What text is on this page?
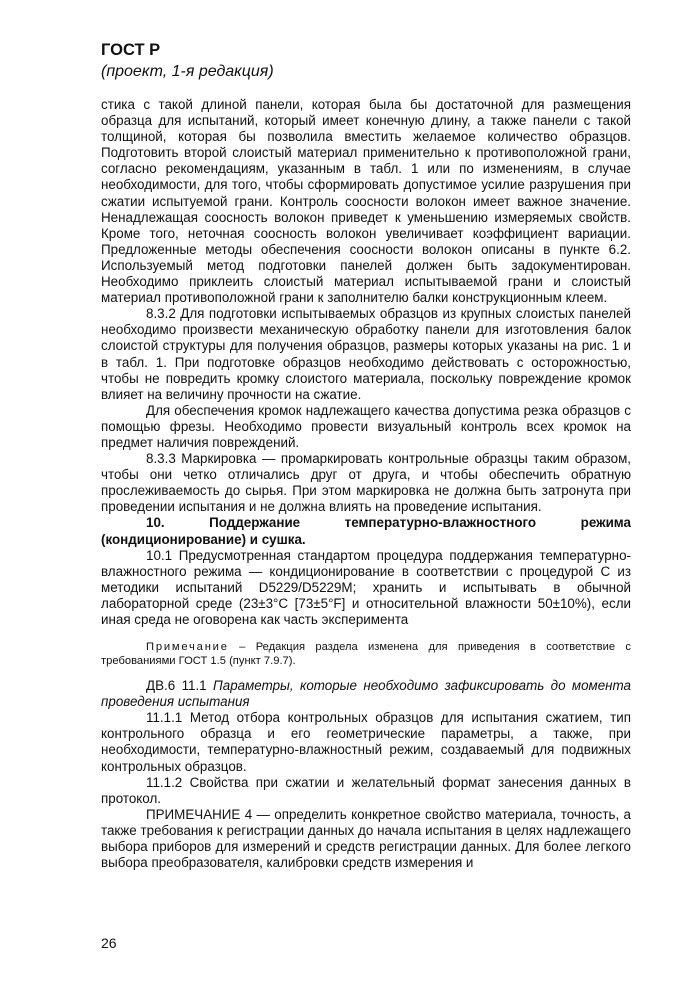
ГОСТ Р
(проект, 1-я редакция)

стика с такой длиной панели, которая была бы достаточной для размещения образца для испытаний, который имеет конечную длину, а также панели с такой толщиной, которая бы позволила вместить желаемое количество образцов. Подготовить второй слоистый материал применительно к противоположной грани, согласно рекомендациям, указанным в табл. 1 или по изменениям, в случае необходимости, для того, чтобы сформировать допустимое усилие разрушения при сжатии испытуемой грани. Контроль соосности волокон имеет важное значение. Ненадлежащая соосность волокон приведет к уменьшению измеряемых свойств. Кроме того, неточная соосность волокон увеличивает коэффициент вариации. Предложенные методы обеспечения соосности волокон описаны в пункте 6.2. Используемый метод подготовки панелей должен быть задокументирован. Необходимо приклеить слоистый материал испытываемой грани и слоистый материал противоположной грани к заполнителю балки конструкционным клеем.

8.3.2 Для подготовки испытываемых образцов из крупных слоистых панелей необходимо произвести механическую обработку панели для изготовления балок слоистой структуры для получения образцов, размеры которых указаны на рис. 1 и в табл. 1. При подготовке образцов необходимо действовать с осторожностью, чтобы не повредить кромку слоистого материала, поскольку повреждение кромок влияет на величину прочности на сжатие.

Для обеспечения кромок надлежащего качества допустима резка образцов с помощью фрезы. Необходимо провести визуальный контроль всех кромок на предмет наличия повреждений.

8.3.3 Маркировка — промаркировать контрольные образцы таким образом, чтобы они четко отличались друг от друга, и чтобы обеспечить обратную прослеживаемость до сырья. При этом маркировка не должна быть затронута при проведении испытания и не должна влиять на проведение испытания.

10. Поддержание температурно-влажностного режима (кондиционирование) и сушка.

10.1 Предусмотренная стандартом процедура поддержания температурно-влажностного режима — кондиционирование в соответствии с процедурой C из методики испытаний D5229/D5229M; хранить и испытывать в обычной лабораторной среде (23±3°С [73±5°F] и относительной влажности 50±10%), если иная среда не оговорена как часть эксперимента

Примечание – Редакция раздела изменена для приведения в соответствие с требованиями ГОСТ 1.5 (пункт 7.9.7).

ДВ.6 11.1 Параметры, которые необходимо зафиксировать до момента проведения испытания

11.1.1 Метод отбора контрольных образцов для испытания сжатием, тип контрольного образца и его геометрические параметры, а также, при необходимости, температурно-влажностный режим, создаваемый для подвижных контрольных образцов.

11.1.2 Свойства при сжатии и желательный формат занесения данных в протокол.

ПРИМЕЧАНИЕ 4 — определить конкретное свойство материала, точность, а также требования к регистрации данных до начала испытания в целях надлежащего выбора приборов для измерений и средств регистрации данных. Для более легкого выбора преобразователя, калибровки средств измерения и

26
